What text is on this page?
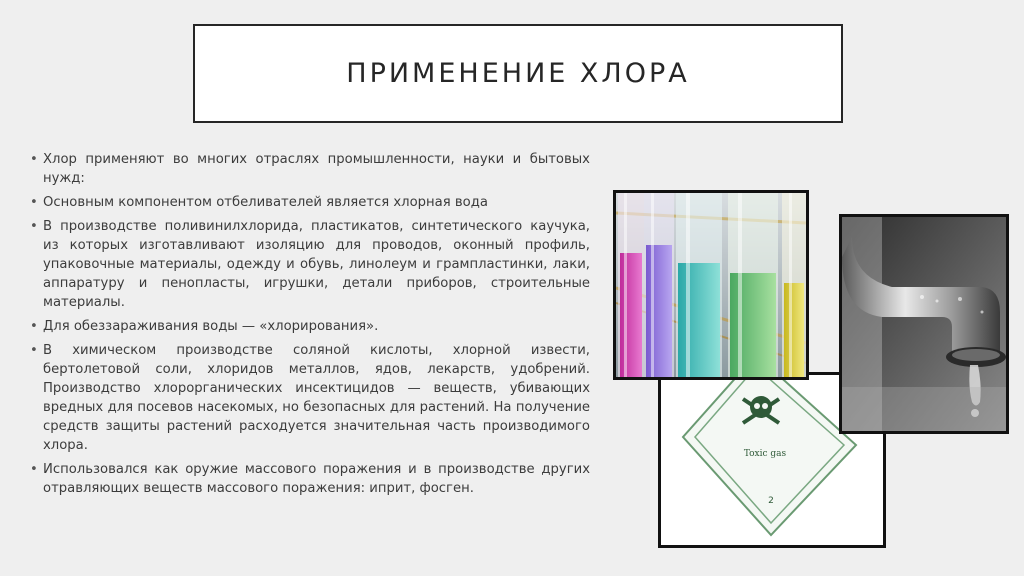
ПРИМЕНЕНИЕ ХЛОРА
• Хлор применяют во многих отраслях промышленности, науки и бытовых нужд:
• Основным компонентом отбеливателей является хлорная вода
• В производстве поливинилхлорида, пластикатов, синтетического каучука, из которых изготавливают изоляцию для проводов, оконный профиль, упаковочные материалы, одежду и обувь, линолеум и грампластинки, лаки, аппаратуру и пенопласты, игрушки, детали приборов, строительные материалы.
• Для обеззараживания воды — «хлорирования».
• В химическом производстве соляной кислоты, хлорной извести, бертолетовой соли, хлоридов металлов, ядов, лекарств, удобрений. Производство хлорорганических инсектицидов — веществ, убивающих вредных для посевов насекомых, но безопасных для растений. На получение средств защиты растений расходуется значительная часть производимого хлора.
• Использовался как оружие массового поражения и в производстве других отравляющих веществ массового поражения: иприт, фосген.
Toxic gas
2
